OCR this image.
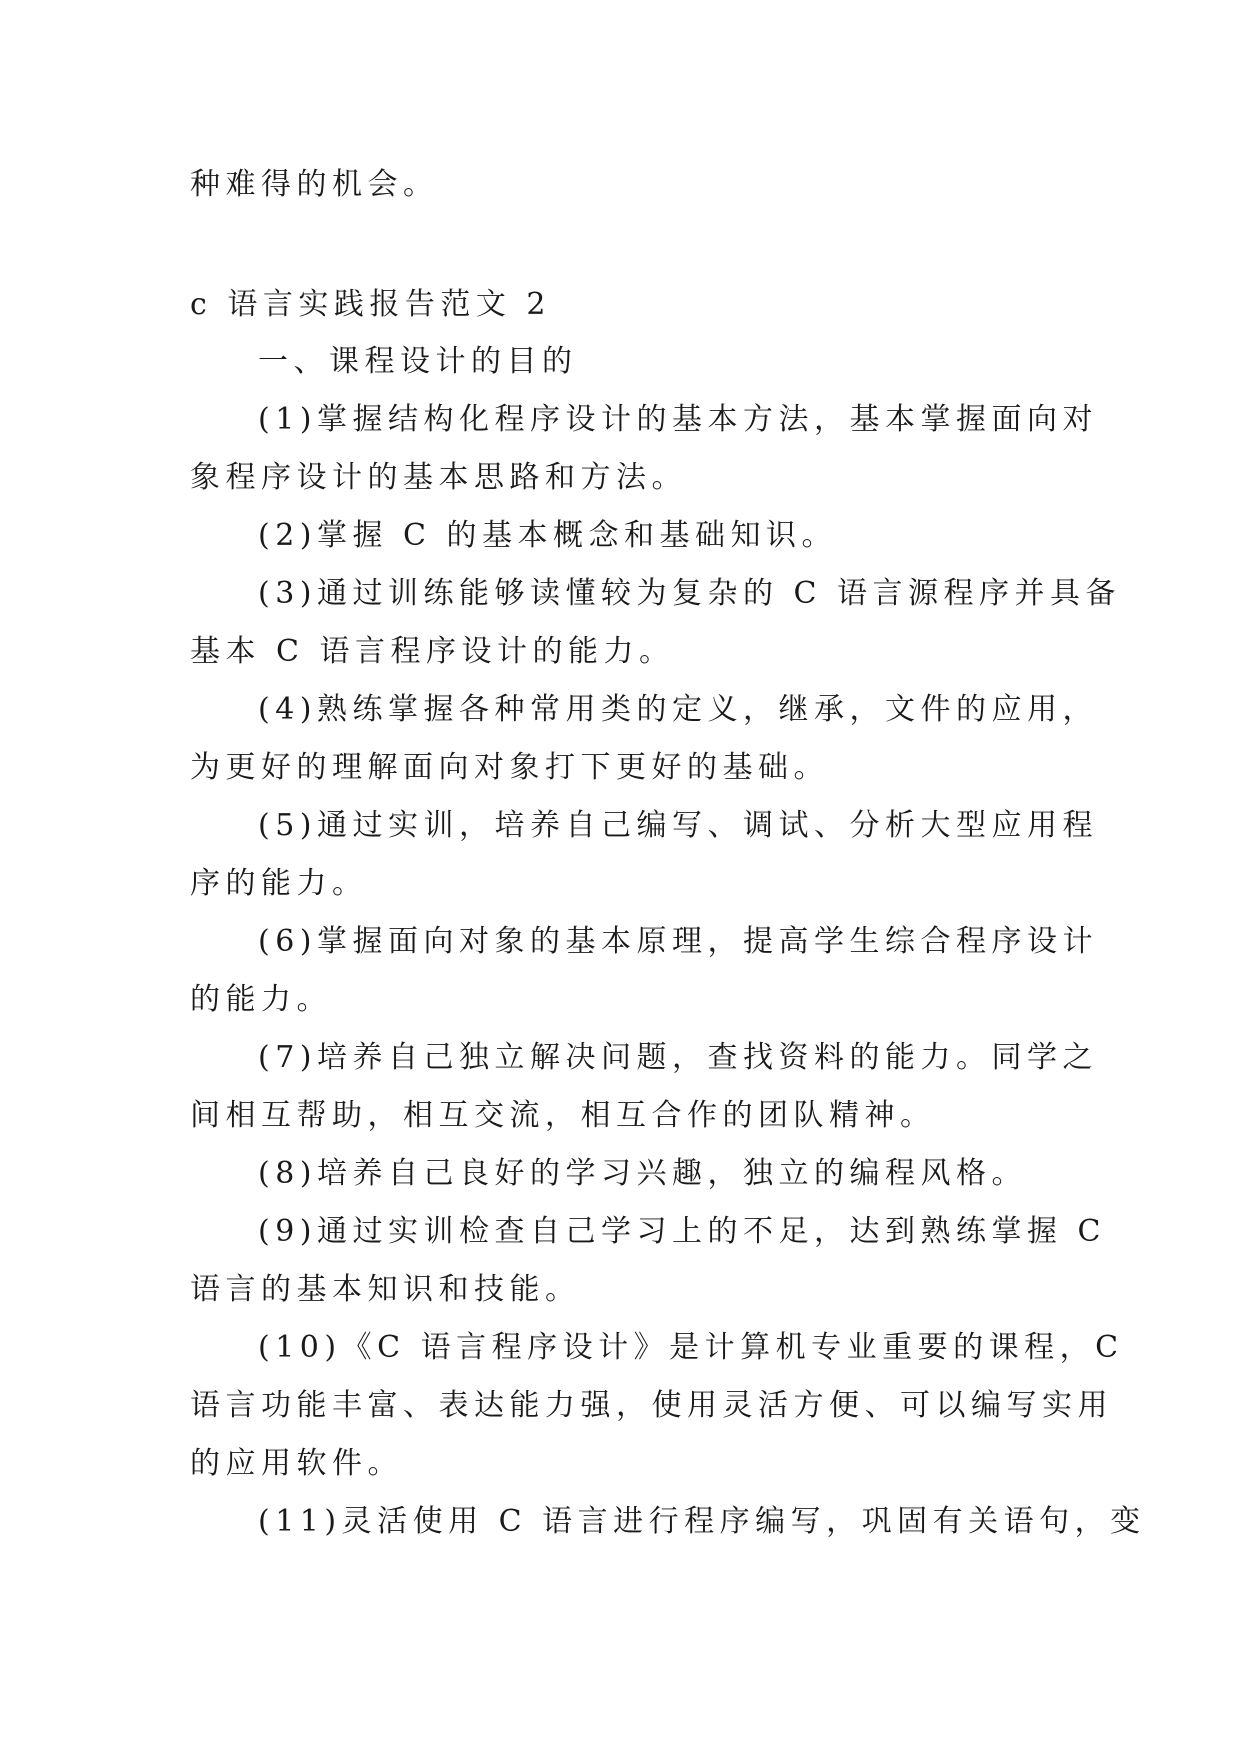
种难得的机会。
c 语言实践报告范文 2
一、课程设计的目的
(1)掌握结构化程序设计的基本方法，基本掌握面向对
象程序设计的基本思路和方法。
(2)掌握 C 的基本概念和基础知识。
(3)通过训练能够读懂较为复杂的 C 语言源程序并具备
基本 C 语言程序设计的能力。
(4)熟练掌握各种常用类的定义，继承，文件的应用，
为更好的理解面向对象打下更好的基础。
(5)通过实训，培养自己编写、调试、分析大型应用程
序的能力。
(6)掌握面向对象的基本原理，提高学生综合程序设计
的能力。
(7)培养自己独立解决问题，查找资料的能力。同学之
间相互帮助，相互交流，相互合作的团队精神。
(8)培养自己良好的学习兴趣，独立的编程风格。
(9)通过实训检查自己学习上的不足，达到熟练掌握 C
语言的基本知识和技能。
(10)《C 语言程序设计》是计算机专业重要的课程，C
语言功能丰富、表达能力强，使用灵活方便、可以编写实用
的应用软件。
(11)灵活使用 C 语言进行程序编写，巩固有关语句，变
